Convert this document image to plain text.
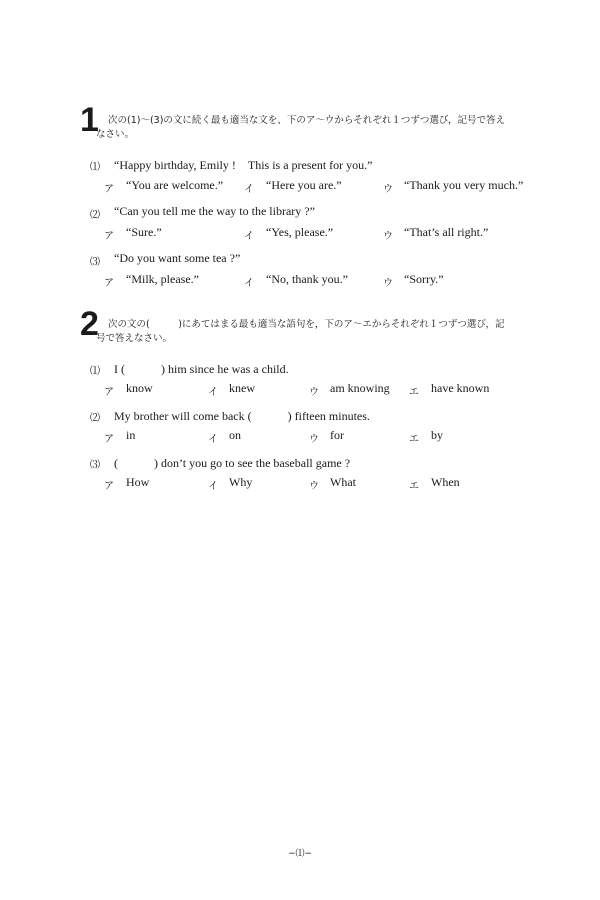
1 次の(1)〜(3)の文に続く最も適当な文を、下のア〜ウからそれぞれ１つずつ選び，記号で答え
なさい。
⑴ “Happy birthday, Emily !　This is a present for you.”
ア “You are welcome.” イ “Here you are.”	ウ “Thank you very much.”
⑵ “Can you tell me the way to the library ?”
ア “Sure.”	イ “Yes, please.”	ウ “That’s all right.”
⑶ “Do you want some tea ?”
ア “Milk, please.”	イ “No, thank you.”	ウ “Sorry.”
2 次の文の(　　　)にあてはまる最も適当な語句を，下のア〜エからそれぞれ１つずつ選び，記
号で答えなさい。
⑴ I (　　　) him since he was a child.
ア know	イ knew	ウ am knowing エ have known
⑵ My brother will come back (　　　) fifteen minutes.
ア in	イ on	ウ for	エ by
⑶ (　　　) don’t you go to see the baseball game ?
ア How	イ Why	ウ What	エ When
−⑴−
